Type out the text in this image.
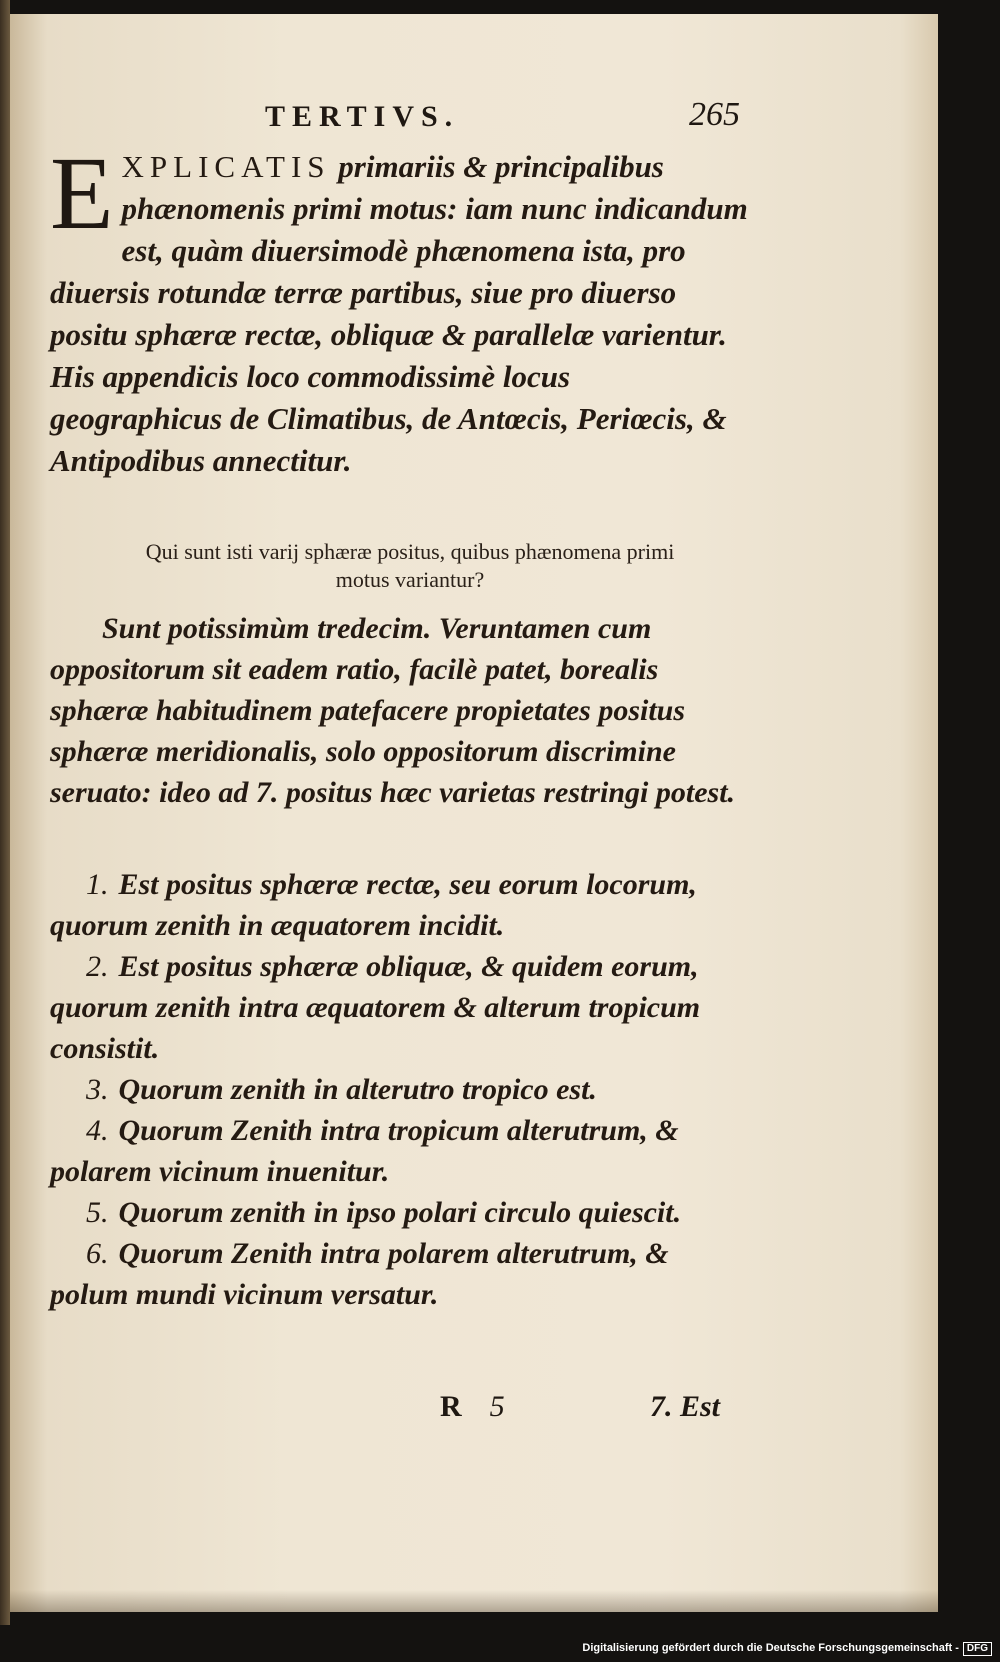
TERTIVS.	265

EXPLICATIS primariis & principalibus phænomenis primi motus: iam nunc indicandum est, quàm diuersimodè phænomena ista, pro diuersis rotundæ terræ partibus, siue pro diuerso positu sphæræ rectæ, obliquæ & parallelæ varientur. His appendicis loco commodissimè locus geographicus de Climatibus, de Antœcis, Periœcis, & Antipodibus annectitur.

Qui sunt isti varij sphæræ positus, quibus phænomena primi motus variantur?

Sunt potissimùm tredecim. Veruntamen cum oppositorum sit eadem ratio, facilè patet, borealis sphæræ habitudinem patefacere propietates positus sphæræ meridionalis, solo oppositorum discrimine seruato: ideo ad 7. positus hæc varietas restringi potest.

1. Est positus sphæræ rectæ, seu eorum locorum, quorum zenith in æquatorem incidit.
2. Est positus sphæræ obliquæ, & quidem eorum, quorum zenith intra æquatorem & alterum tropicum consistit.
3. Quorum zenith in alterutro tropico est.
4. Quorum Zenith intra tropicum alterutrum, & polarem vicinum inuenitur.
5. Quorum zenith in ipso polari circulo quiescit.
6. Quorum Zenith intra polarem alterutrum, & polum mundi vicinum versatur.
R 5	7. Est
Digitalisierung gefördert durch die Deutsche Forschungsgemeinschaft - DFG
